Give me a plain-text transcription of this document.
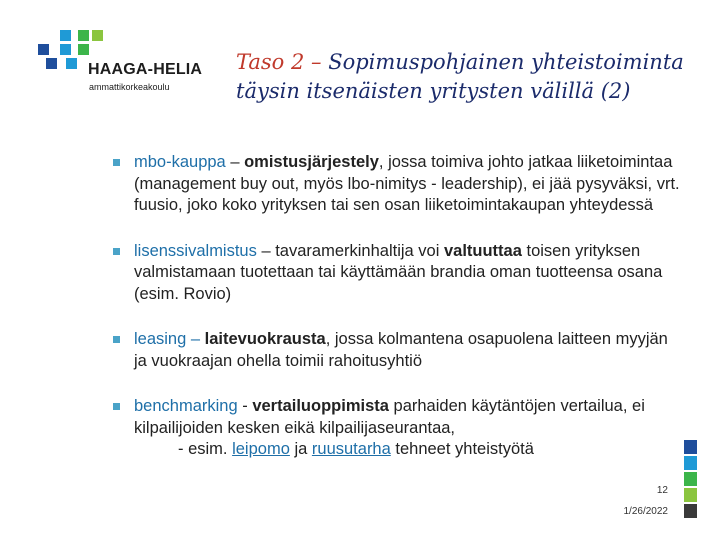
HAAGA-HELIA
ammattikorkeakoulu
Taso 2 – Sopimuspohjainen yhteistoiminta täysin itsenäisten yritysten välillä (2)
mbo-kauppa – omistusjärjestely, jossa toimiva johto jatkaa liiketoimintaa (management buy out, myös lbo-nimitys - leadership), ei jää pysyväksi, vrt. fuusio, joko koko yrityksen tai sen osan liiketoimintakaupan yhteydessä
lisenssivalmistus – tavaramerkinhaltija voi valtuuttaa toisen yrityksen valmistamaan tuotettaan tai käyttämään brandia oman tuotteensa osana (esim. Rovio)
leasing – laitevuokrausta, jossa kolmantena osapuolena laitteen myyjän ja vuokraajan ohella toimii rahoitusyhtiö
benchmarking - vertailuoppimista parhaiden käytäntöjen vertailua, ei kilpailijoiden kesken eikä kilpailijaseurantaa,
- esim. leipomo ja ruusutarha tehneet yhteistyötä
12
1/26/2022
